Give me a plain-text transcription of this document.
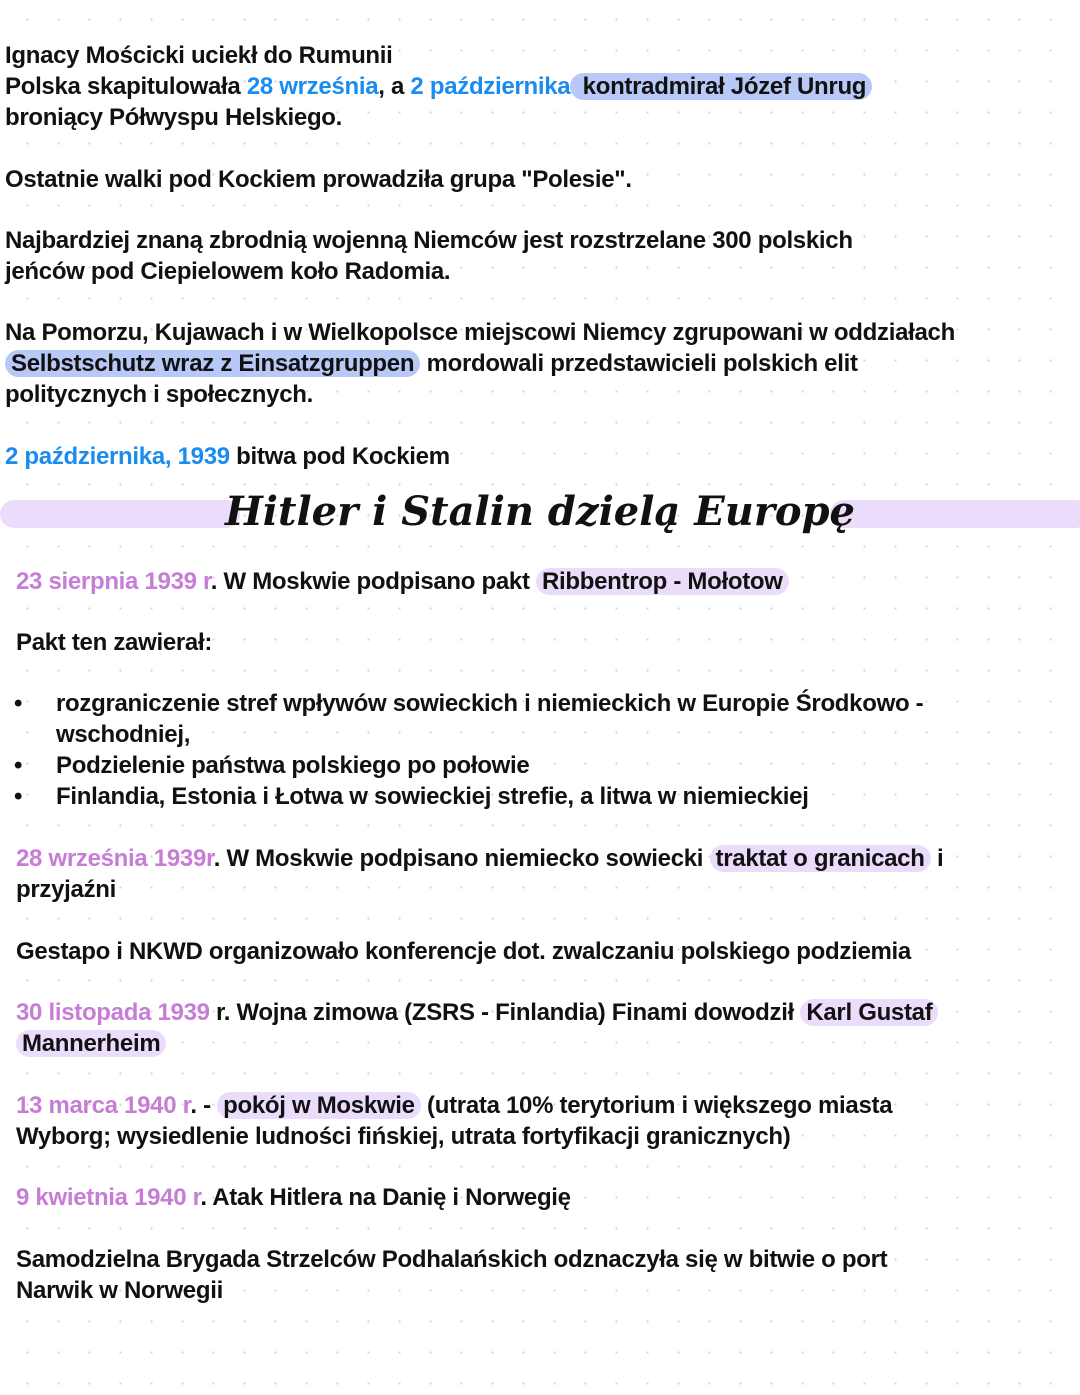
Hitler i Stalin dzielą Europę
Ignacy Mościcki uciekł do Rumunii
Polska skapitulowała 28 września, a 2 października kontradmirał Józef Unrug
broniący Półwyspu Helskiego.
Ostatnie walki pod Kockiem prowadziła grupa "Polesie".
Najbardziej znaną zbrodnią wojenną Niemców jest rozstrzelane 300 polskich
jeńców pod Ciepielowem koło Radomia.
Na Pomorzu, Kujawach i w Wielkopolsce miejscowi Niemcy zgrupowani w oddziałach
Selbstschutz wraz z Einsatzgruppen mordowali przedstawicieli polskich elit
politycznych i społecznych.
2 października, 1939 bitwa pod Kockiem
23 sierpnia 1939 r. W Moskwie podpisano pakt Ribbentrop - Mołotow
Pakt ten zawierał:
• rozgraniczenie stref wpływów sowieckich i niemieckich w Europie Środkowo -
wschodniej,
• Podzielenie państwa polskiego po połowie
• Finlandia, Estonia i Łotwa w sowieckiej strefie, a litwa w niemieckiej
28 września 1939r. W Moskwie podpisano niemiecko sowiecki traktat o granicach i
przyjaźni
Gestapo i NKWD organizowało konferencje dot. zwalczaniu polskiego podziemia
30 listopada 1939 r. Wojna zimowa (ZSRS - Finlandia) Finami dowodził Karl Gustaf
Mannerheim
13 marca 1940 r. - pokój w Moskwie (utrata 10% terytorium i większego miasta
Wyborg; wysiedlenie ludności fińskiej, utrata fortyfikacji granicznych)
9 kwietnia 1940 r. Atak Hitlera na Danię i Norwegię
Samodzielna Brygada Strzelców Podhalańskich odznaczyła się w bitwie o port
Narwik w Norwegii
